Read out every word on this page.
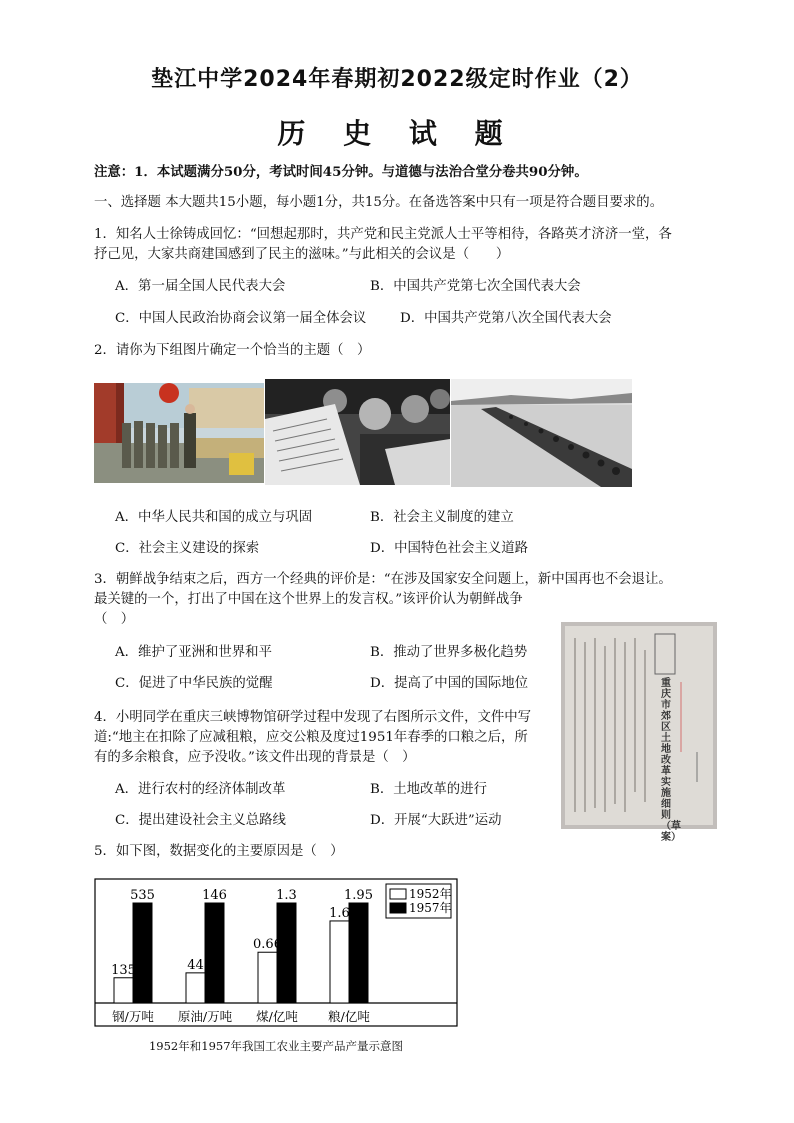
垫江中学2024年春期初2022级定时作业（2）
历 史 试 题
注意：1．本试题满分50分，考试时间45分钟。与道德与法治合堂分卷共90分钟。
一、选择题 本大题共15小题，每小题1分，共15分。在备选答案中只有一项是符合题目要求的。
1．知名人士徐铸成回忆：“回想起那时，共产党和民主党派人士平等相待，各路英才济济一堂，各
抒己见，大家共商建国感到了民主的滋味。”与此相关的会议是（　　）
A．第一届全国人民代表大会	B．中国共产党第七次全国代表大会
C．中国人民政治协商会议第一届全体会议	D．中国共产党第八次全国代表大会
2．请你为下组图片确定一个恰当的主题（　）
A．中华人民共和国的成立与巩固	B．社会主义制度的建立
C．社会主义建设的探索	D．中国特色社会主义道路
3．朝鲜战争结束之后，西方一个经典的评价是：“在涉及国家安全问题上，新中国再也不会退让。
最关键的一个，打出了中国在这个世界上的发言权。”该评价认为朝鲜战争
（　）
A．维护了亚洲和世界和平	B．推动了世界多极化趋势
C．促进了中华民族的觉醒	D．提高了中国的国际地位	重庆市郊区土地改革实施细则（草案）
4．小明同学在重庆三峡博物馆研学过程中发现了右图所示文件，文件中写
道:“地主在扣除了应减租粮，应交公粮及度过1951年春季的口粮之后，所
有的多余粮食，应予没收。”该文件出现的背景是（　）
A．进行农村的经济体制改革	B．土地改革的进行
C．提出建设社会主义总路线	D．开展“大跃进”运动
5．如下图，数据变化的主要原因是（　）
135
535
44
146
0.66
1.3
1.6
1.95
钢/万吨 原油/万吨 煤/亿吨 粮/亿吨
1952年
1957年
1952年和1957年我国工农业主要产品产量示意图
